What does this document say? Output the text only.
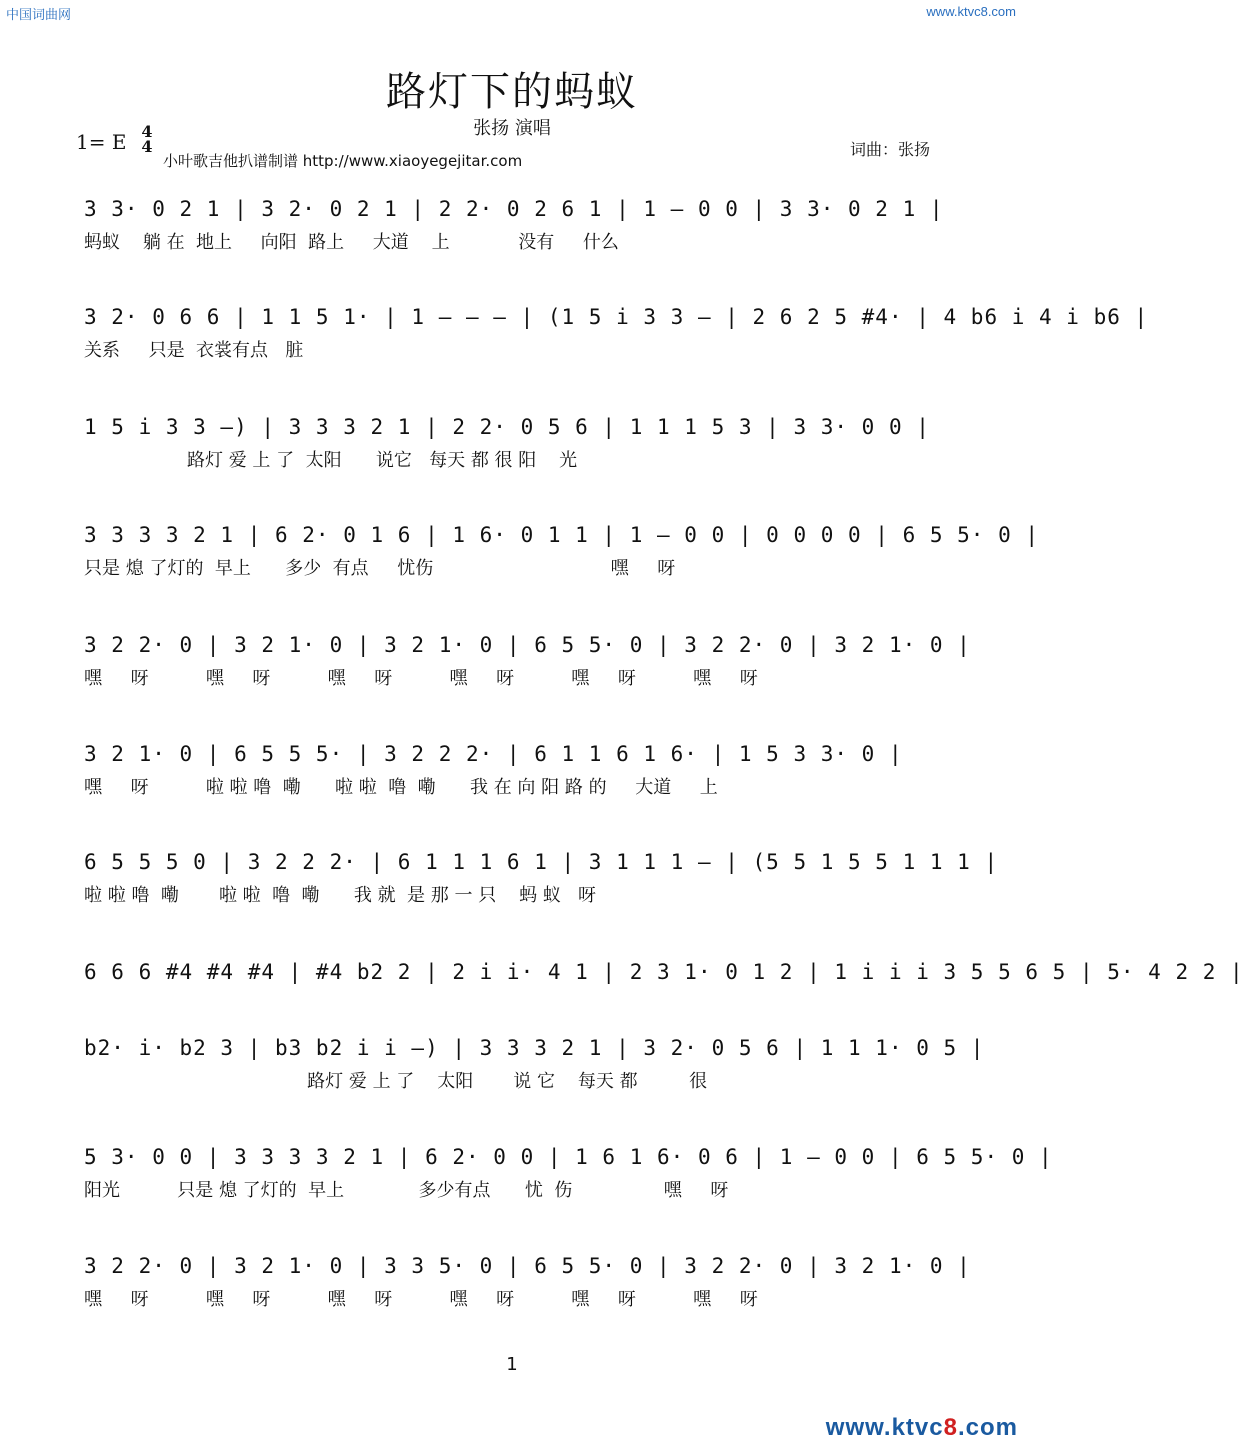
中国词曲网	www.ktvc8.com
路灯下的蚂蚁
张扬 演唱
1= E 4
4
小叶歌吉他扒谱制谱 http://www.xiaoyegejitar.com
词曲：张扬
3 3· 0 2 1 | 3 2· 0 2 1 | 2 2· 0 2 6 1 | 1 – 0 0 | 3 3· 0 2 1 |
蚂蚁    躺 在  地上     向阳  路上     大道    上            没有     什么
3 2· 0 6 6 | 1 1 5 1· | 1 – – – | (1 5 i 3 3 – | 2 6 2 5 #4· | 4 b6 i 4 i b6 |
关系     只是  衣裳有点   脏
1 5 i 3 3 –) | 3 3 3 2 1 | 2 2· 0 5 6 | 1 1 1 5 3 | 3 3· 0 0 |
路灯 爱 上 了  太阳      说它   每天 都 很 阳    光
3 3 3 3 2 1 | 6 2· 0 1 6 | 1 6· 0 1 1 | 1 – 0 0 | 0 0 0 0 | 6 5 5· 0 |
只是 熄 了灯的  早上      多少  有点     忧伤                               嘿     呀
3 2 2· 0 | 3 2 1· 0 | 3 2 1· 0 | 6 5 5· 0 | 3 2 2· 0 | 3 2 1· 0 |
嘿     呀          嘿     呀          嘿     呀          嘿     呀          嘿     呀          嘿     呀
3 2 1· 0 | 6 5 5 5· | 3 2 2 2· | 6 1 1 6 1 6· | 1 5 3 3· 0 |
嘿     呀          啦 啦 噜  嘞      啦 啦  噜  嘞      我 在 向 阳 路 的     大道     上
6 5 5 5 0 | 3 2 2 2· | 6 1 1 1 6 1 | 3 1 1 1 – | (5 5 1 5 5 1 1 1 |
啦 啦 噜  嘞       啦 啦  噜  嘞      我 就  是 那 一 只    蚂 蚁   呀
6 6 6 #4 #4 #4 | #4 b2 2 | 2 i i· 4 1 | 2 3 1· 0 1 2 | 1 i i i 3 5 5 6 5 | 5· 4 2 2 |
b2· i· b2 3 | b3 b2 i i –) | 3 3 3 2 1 | 3 2· 0 5 6 | 1 1 1· 0 5 |
路灯 爱 上 了    太阳       说 它    每天 都         很
5 3· 0 0 | 3 3 3 3 2 1 | 6 2· 0 0 | 1 6 1 6· 0 6 | 1 – 0 0 | 6 5 5· 0 |
阳光          只是 熄 了灯的  早上             多少有点      忧  伤                嘿     呀
3 2 2· 0 | 3 2 1· 0 | 3 3 5· 0 | 6 5 5· 0 | 3 2 2· 0 | 3 2 1· 0 |
嘿     呀          嘿     呀          嘿     呀          嘿     呀          嘿     呀          嘿     呀
1
www.ktvc8.com
